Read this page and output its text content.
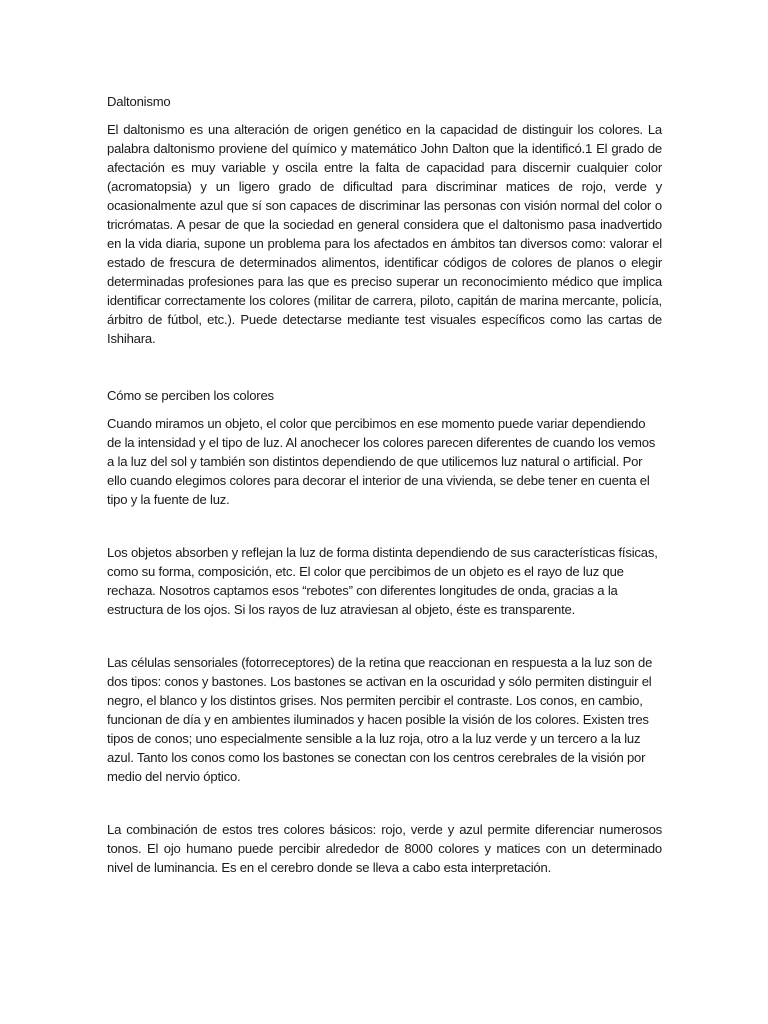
Daltonismo

El daltonismo es una alteración de origen genético en la capacidad de distinguir los colores. La palabra daltonismo proviene del químico y matemático John Dalton que la identificó.1 El grado de afectación es muy variable y oscila entre la falta de capacidad para discernir cualquier color (acromatopsia) y un ligero grado de dificultad para discriminar matices de rojo, verde y ocasionalmente azul que sí son capaces de discriminar las personas con visión normal del color o tricrómatas. A pesar de que la sociedad en general considera que el daltonismo pasa inadvertido en la vida diaria, supone un problema para los afectados en ámbitos tan diversos como: valorar el estado de frescura de determinados alimentos, identificar códigos de colores de planos o elegir determinadas profesiones para las que es preciso superar un reconocimiento médico que implica identificar correctamente los colores (militar de carrera, piloto, capitán de marina mercante, policía, árbitro de fútbol, etc.). Puede detectarse mediante test visuales específicos como las cartas de Ishihara.

Cómo se perciben los colores

Cuando miramos un objeto, el color que percibimos en ese momento puede variar dependiendo de la intensidad y el tipo de luz. Al anochecer los colores parecen diferentes de cuando los vemos a la luz del sol y también son distintos dependiendo de que utilicemos luz natural o artificial. Por ello cuando elegimos colores para decorar el interior de una vivienda, se debe tener en cuenta el tipo y la fuente de luz.

Los objetos absorben y reflejan la luz de forma distinta dependiendo de sus características físicas, como su forma, composición, etc. El color que percibimos de un objeto es el rayo de luz que rechaza. Nosotros captamos esos “rebotes” con diferentes longitudes de onda, gracias a la estructura de los ojos. Si los rayos de luz atraviesan al objeto, éste es transparente.

Las células sensoriales (fotorreceptores) de la retina que reaccionan en respuesta a la luz son de dos tipos: conos y bastones. Los bastones se activan en la oscuridad y sólo permiten distinguir el negro, el blanco y los distintos grises. Nos permiten percibir el contraste. Los conos, en cambio, funcionan de día y en ambientes iluminados y hacen posible la visión de los colores. Existen tres tipos de conos; uno especialmente sensible a la luz roja, otro a la luz verde y un tercero a la luz azul. Tanto los conos como los bastones se conectan con los centros cerebrales de la visión por medio del nervio óptico.

La combinación de estos tres colores básicos: rojo, verde y azul permite diferenciar numerosos tonos. El ojo humano puede percibir alrededor de 8000 colores y matices con un determinado nivel de luminancia. Es en el cerebro donde se lleva a cabo esta interpretación.
